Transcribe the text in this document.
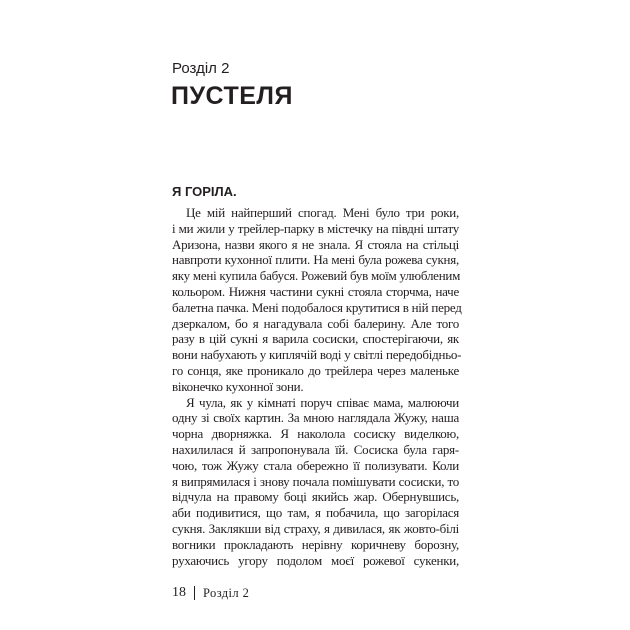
Розділ 2
ПУСТЕЛЯ
Я ГОРІЛА.
Це мій найперший спогад. Мені було три роки,
і ми жили у трейлер-парку в містечку на півдні штату
Аризона, назви якого я не знала. Я стояла на стільці
навпроти кухонної плити. На мені була рожева сукня,
яку мені купила бабуся. Рожевий був моїм улюбленим
кольором. Нижня частини сукні стояла сторчма, наче
балетна пачка. Мені подобалося крутитися в ній перед
дзеркалом, бо я нагадувала собі балерину. Але того
разу в цій сукні я варила сосиски, спостерігаючи, як
вони набухають у киплячій воді у світлі передобідньо-
го сонця, яке проникало до трейлера через маленьке
віконечко кухонної зони.
Я чула, як у кімнаті поруч співає мама, малюючи
одну зі своїх картин. За мною наглядала Жужу, наша
чорна дворняжка. Я наколола сосиску виделкою,
нахилилася й запропонувала їй. Сосиска була гаря-
чою, тож Жужу стала обережно її полизувати. Коли
я випрямилася і знову почала помішувати сосиски, то
відчула на правому боці якийсь жар. Обернувшись,
аби подивитися, що там, я побачила, що загорілася
сукня. Заклякши від страху, я дивилася, як жовто-білі
вогники прокладають нерівну коричневу борозну,
рухаючись угору подолом моєї рожевої сукенки,
18 Розділ 2
